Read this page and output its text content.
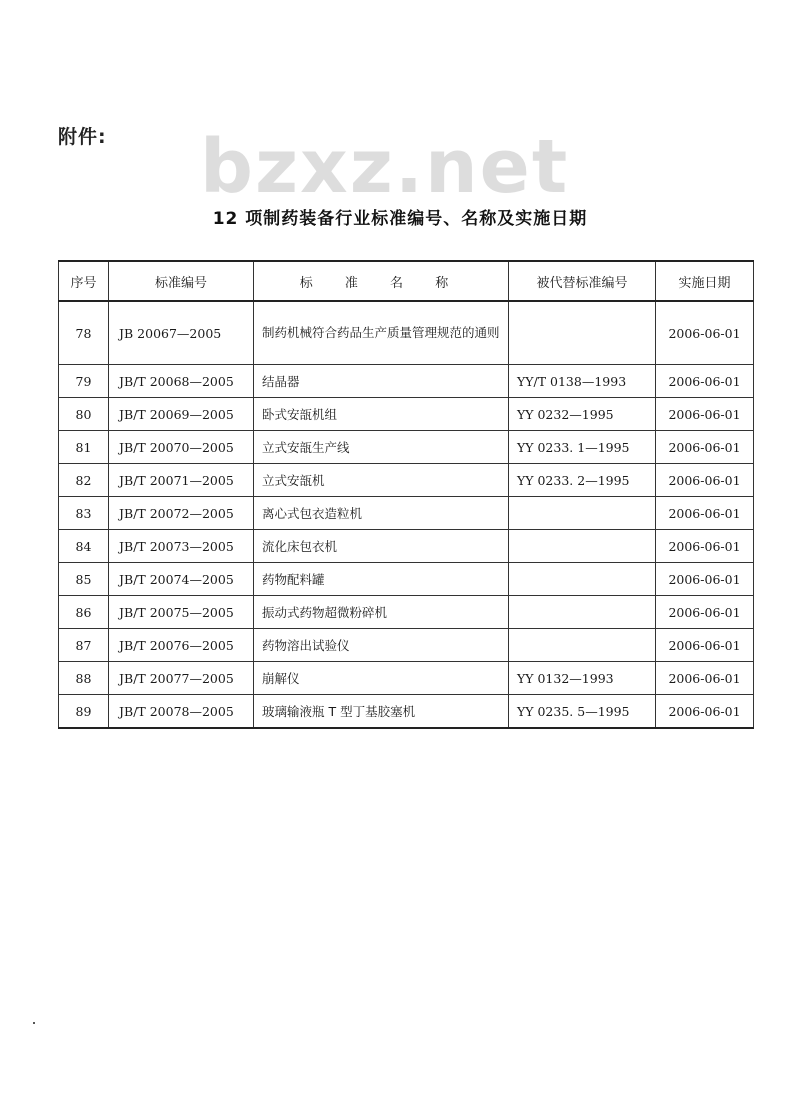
附件: bzxz.net
12 项制药装备行业标准编号、名称及实施日期
序号	标准编号	标 准 名 称	被代替标准编号	实施日期
78	JB 20067—2005	制药机械符合药品生产质量管理规范的通则		2006-06-01
79	JB/T 20068—2005	结晶器	YY/T 0138—1993	2006-06-01
80	JB/T 20069—2005	卧式安瓿机组	YY 0232—1995	2006-06-01
81	JB/T 20070—2005	立式安瓿生产线	YY 0233. 1—1995	2006-06-01
82	JB/T 20071—2005	立式安瓿机	YY 0233. 2—1995	2006-06-01
83	JB/T 20072—2005	离心式包衣造粒机		2006-06-01
84	JB/T 20073—2005	流化床包衣机		2006-06-01
85	JB/T 20074—2005	药物配料罐		2006-06-01
86	JB/T 20075—2005	振动式药物超微粉碎机		2006-06-01
87	JB/T 20076—2005	药物溶出试验仪		2006-06-01
88	JB/T 20077—2005	崩解仪	YY 0132—1993	2006-06-01
89	JB/T 20078—2005	玻璃输液瓶 T 型丁基胶塞机	YY 0235. 5—1995	2006-06-01
